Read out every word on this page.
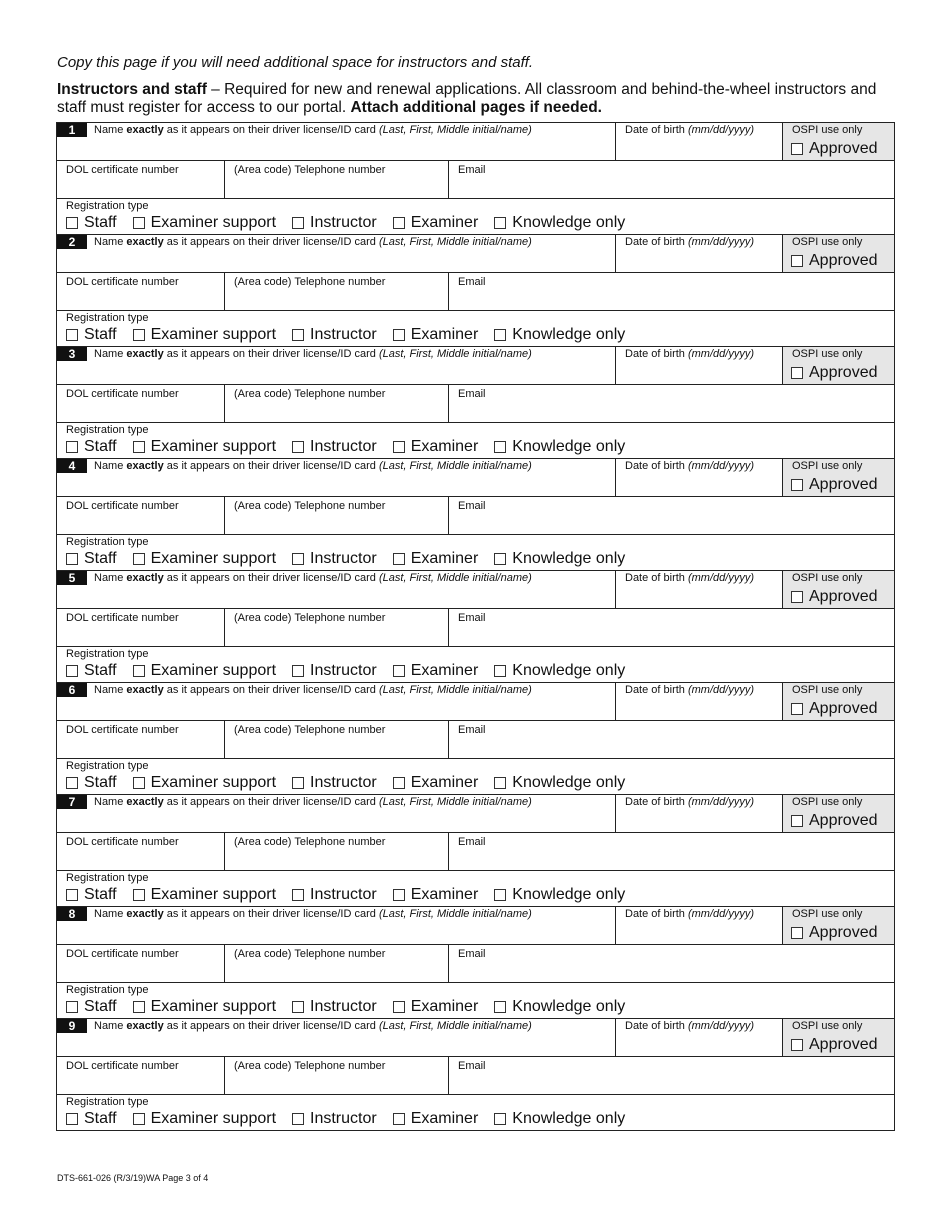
Copy this page if you will need additional space for instructors and staff.
Instructors and staff – Required for new and renewal applications. All classroom and behind-the-wheel instructors and staff must register for access to our portal. Attach additional pages if needed.
1	Name exactly as it appears on their driver license/ID card (Last, First, Middle initial/name)	Date of birth (mm/dd/yyyy)	OSPI use only
Approved
DOL certificate number	(Area code) Telephone number	Email
Registration type
Staff Examiner support Instructor Examiner Knowledge only
2	Name exactly as it appears on their driver license/ID card (Last, First, Middle initial/name)	Date of birth (mm/dd/yyyy)	OSPI use only
Approved
DOL certificate number	(Area code) Telephone number	Email
Registration type
Staff Examiner support Instructor Examiner Knowledge only
3	Name exactly as it appears on their driver license/ID card (Last, First, Middle initial/name)	Date of birth (mm/dd/yyyy)	OSPI use only
Approved
DOL certificate number	(Area code) Telephone number	Email
Registration type
Staff Examiner support Instructor Examiner Knowledge only
4	Name exactly as it appears on their driver license/ID card (Last, First, Middle initial/name)	Date of birth (mm/dd/yyyy)	OSPI use only
Approved
DOL certificate number	(Area code) Telephone number	Email
Registration type
Staff Examiner support Instructor Examiner Knowledge only
5	Name exactly as it appears on their driver license/ID card (Last, First, Middle initial/name)	Date of birth (mm/dd/yyyy)	OSPI use only
Approved
DOL certificate number	(Area code) Telephone number	Email
Registration type
Staff Examiner support Instructor Examiner Knowledge only
6	Name exactly as it appears on their driver license/ID card (Last, First, Middle initial/name)	Date of birth (mm/dd/yyyy)	OSPI use only
Approved
DOL certificate number	(Area code) Telephone number	Email
Registration type
Staff Examiner support Instructor Examiner Knowledge only
7	Name exactly as it appears on their driver license/ID card (Last, First, Middle initial/name)	Date of birth (mm/dd/yyyy)	OSPI use only
Approved
DOL certificate number	(Area code) Telephone number	Email
Registration type
Staff Examiner support Instructor Examiner Knowledge only
8	Name exactly as it appears on their driver license/ID card (Last, First, Middle initial/name)	Date of birth (mm/dd/yyyy)	OSPI use only
Approved
DOL certificate number	(Area code) Telephone number	Email
Registration type
Staff Examiner support Instructor Examiner Knowledge only
9	Name exactly as it appears on their driver license/ID card (Last, First, Middle initial/name)	Date of birth (mm/dd/yyyy)	OSPI use only
Approved
DOL certificate number	(Area code) Telephone number	Email
Registration type
Staff Examiner support Instructor Examiner Knowledge only
DTS-661-026 (R/3/19)WA Page 3 of 4
